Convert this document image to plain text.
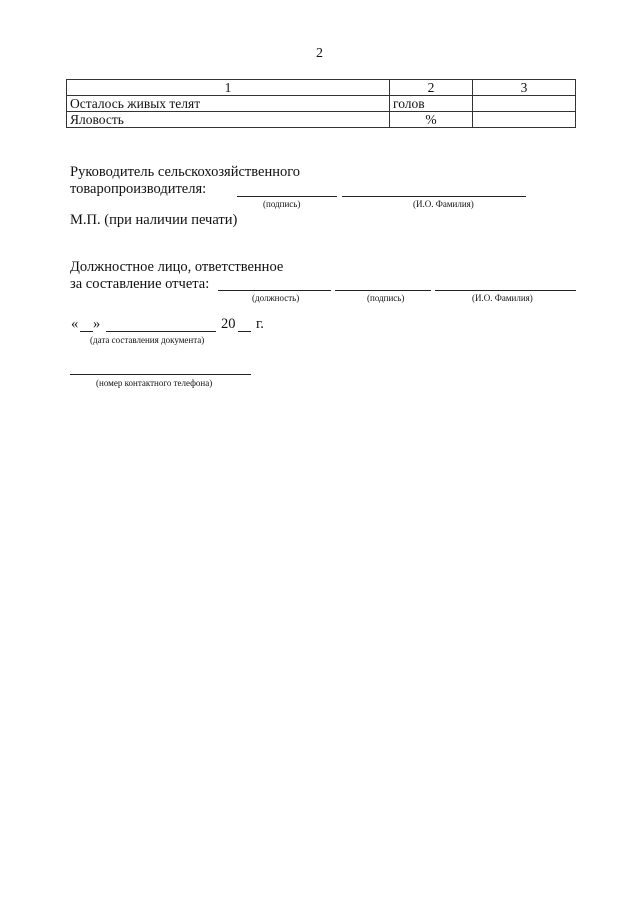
2
1	2	3
Осталось живых телят	голов	
Яловость	%	
Руководитель сельскохозяйственного
товаропроизводителя:
(подпись)	(И.О. Фамилия)
М.П. (при наличии печати)
Должностное лицо, ответственное
за составление отчета:
(должность)	(подпись)	(И.О. Фамилия)
« »	20 г.
(дата составления документа)
(номер контактного телефона)
